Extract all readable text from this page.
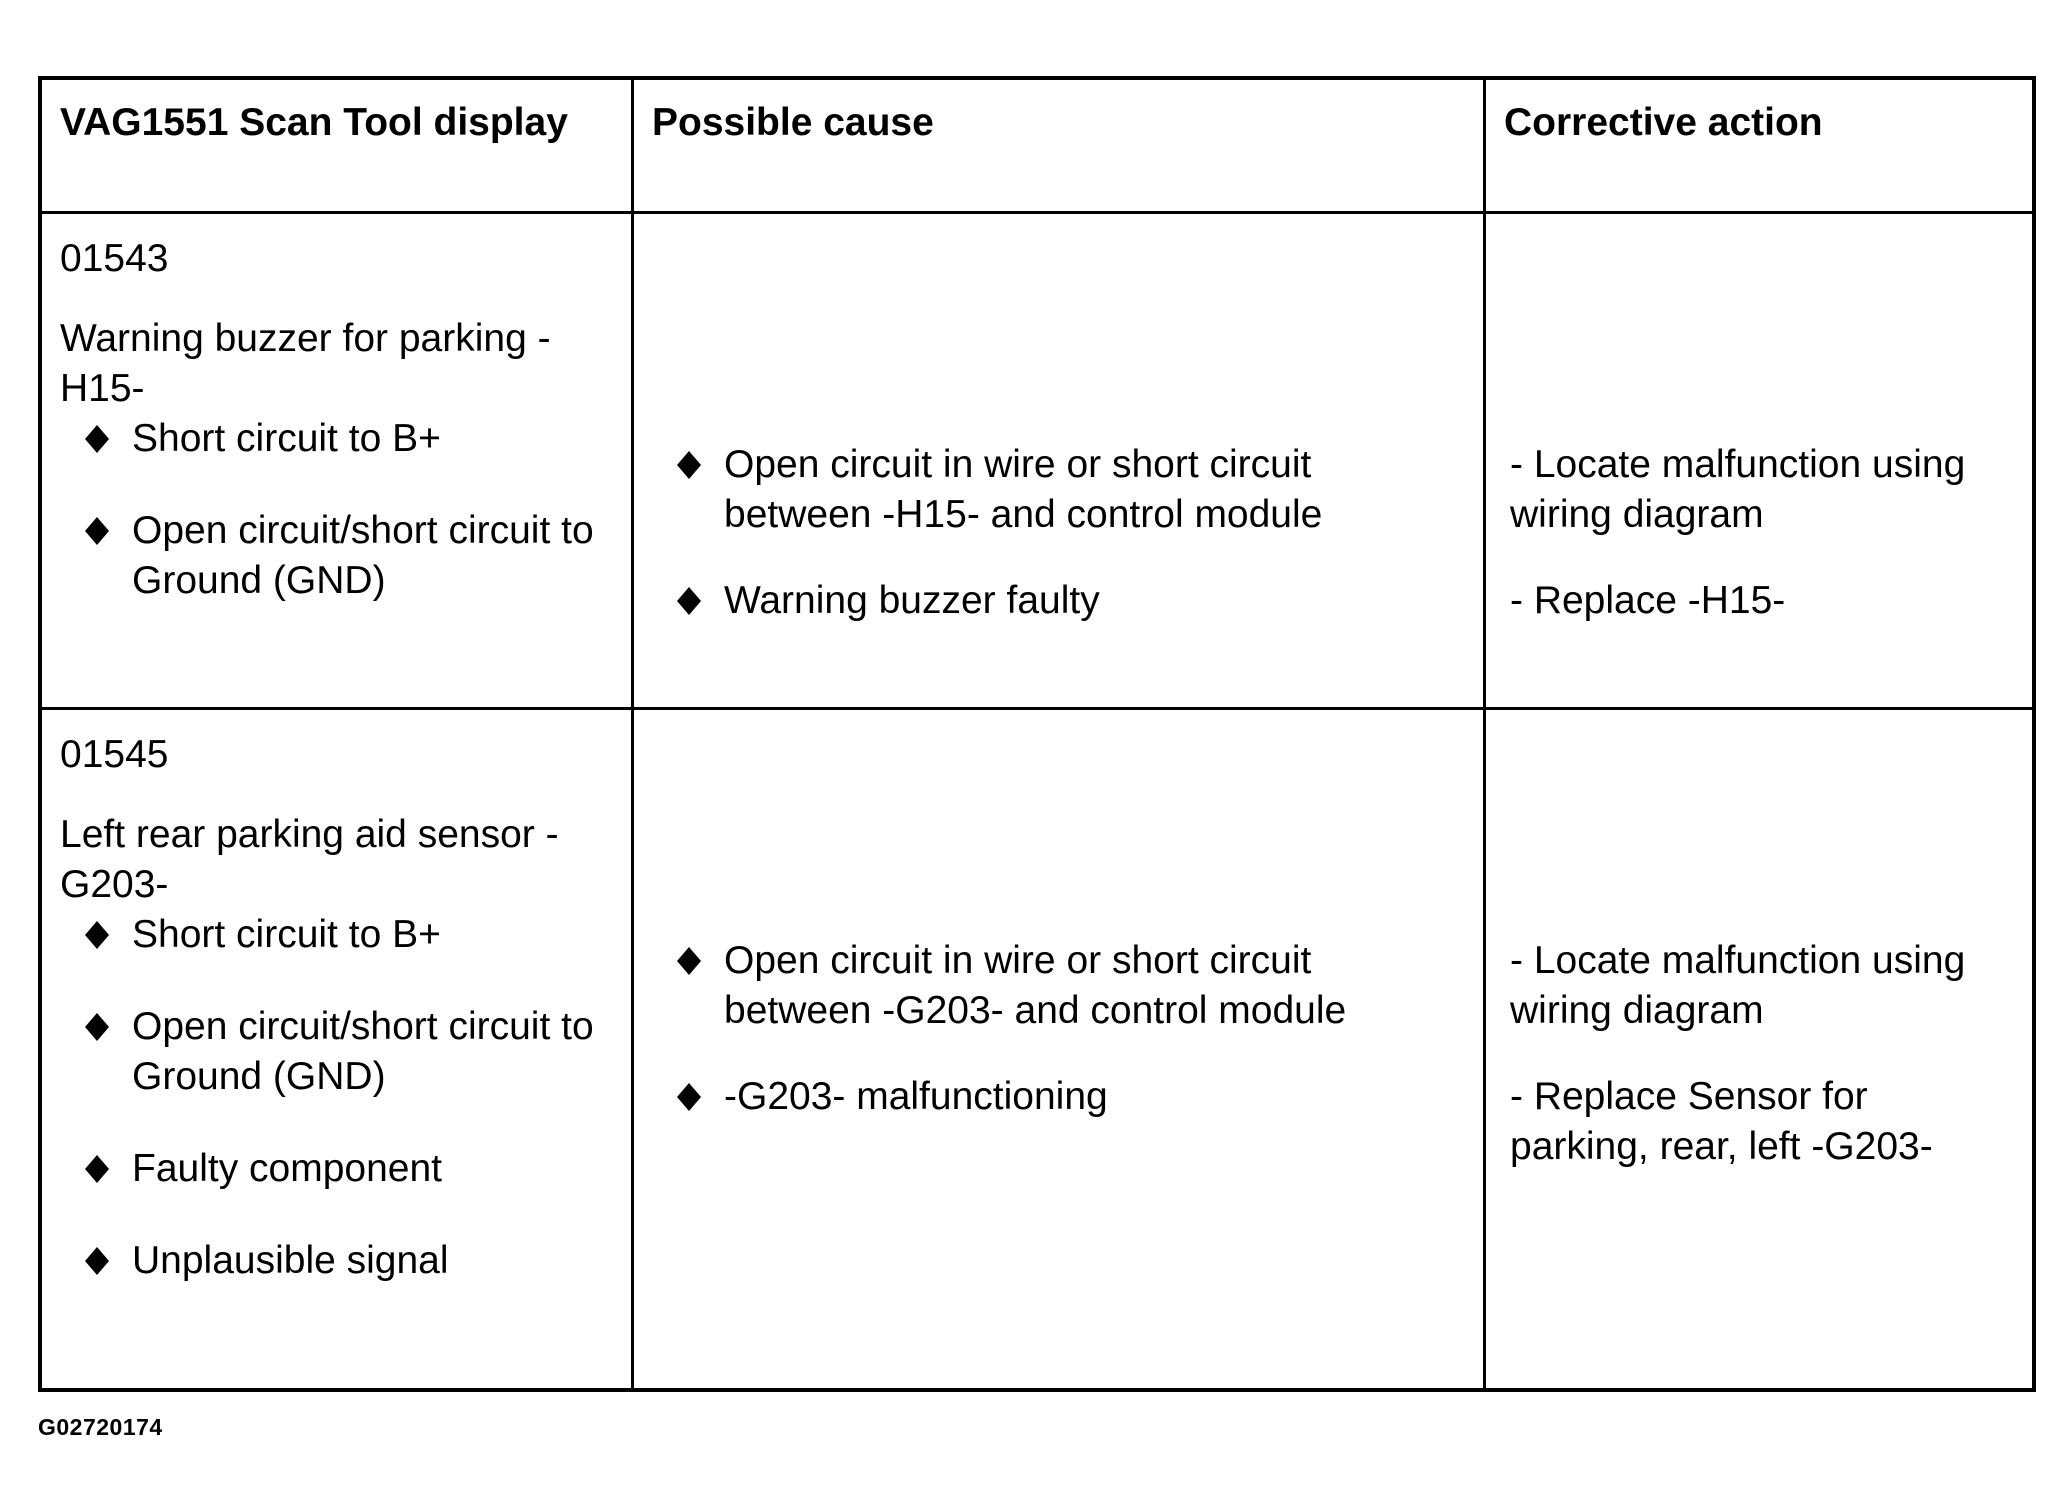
VAG1551 Scan Tool display	Possible cause	Corrective action

01543

Warning buzzer for parking -H15-

Short circuit to B+
Open circuit/short circuit to Ground (GND)
Open circuit in wire or short circuit between -H15- and control module
Warning buzzer faulty

- Locate malfunction using wiring diagram

- Replace -H15-

01545

Left rear parking aid sensor -G203-

Short circuit to B+
Open circuit/short circuit to Ground (GND)
Faulty component
Unplausible signal
Open circuit in wire or short circuit between -G203- and control module
-G203- malfunctioning

- Locate malfunction using wiring diagram

- Replace Sensor for parking, rear, left -G203-

G02720174
